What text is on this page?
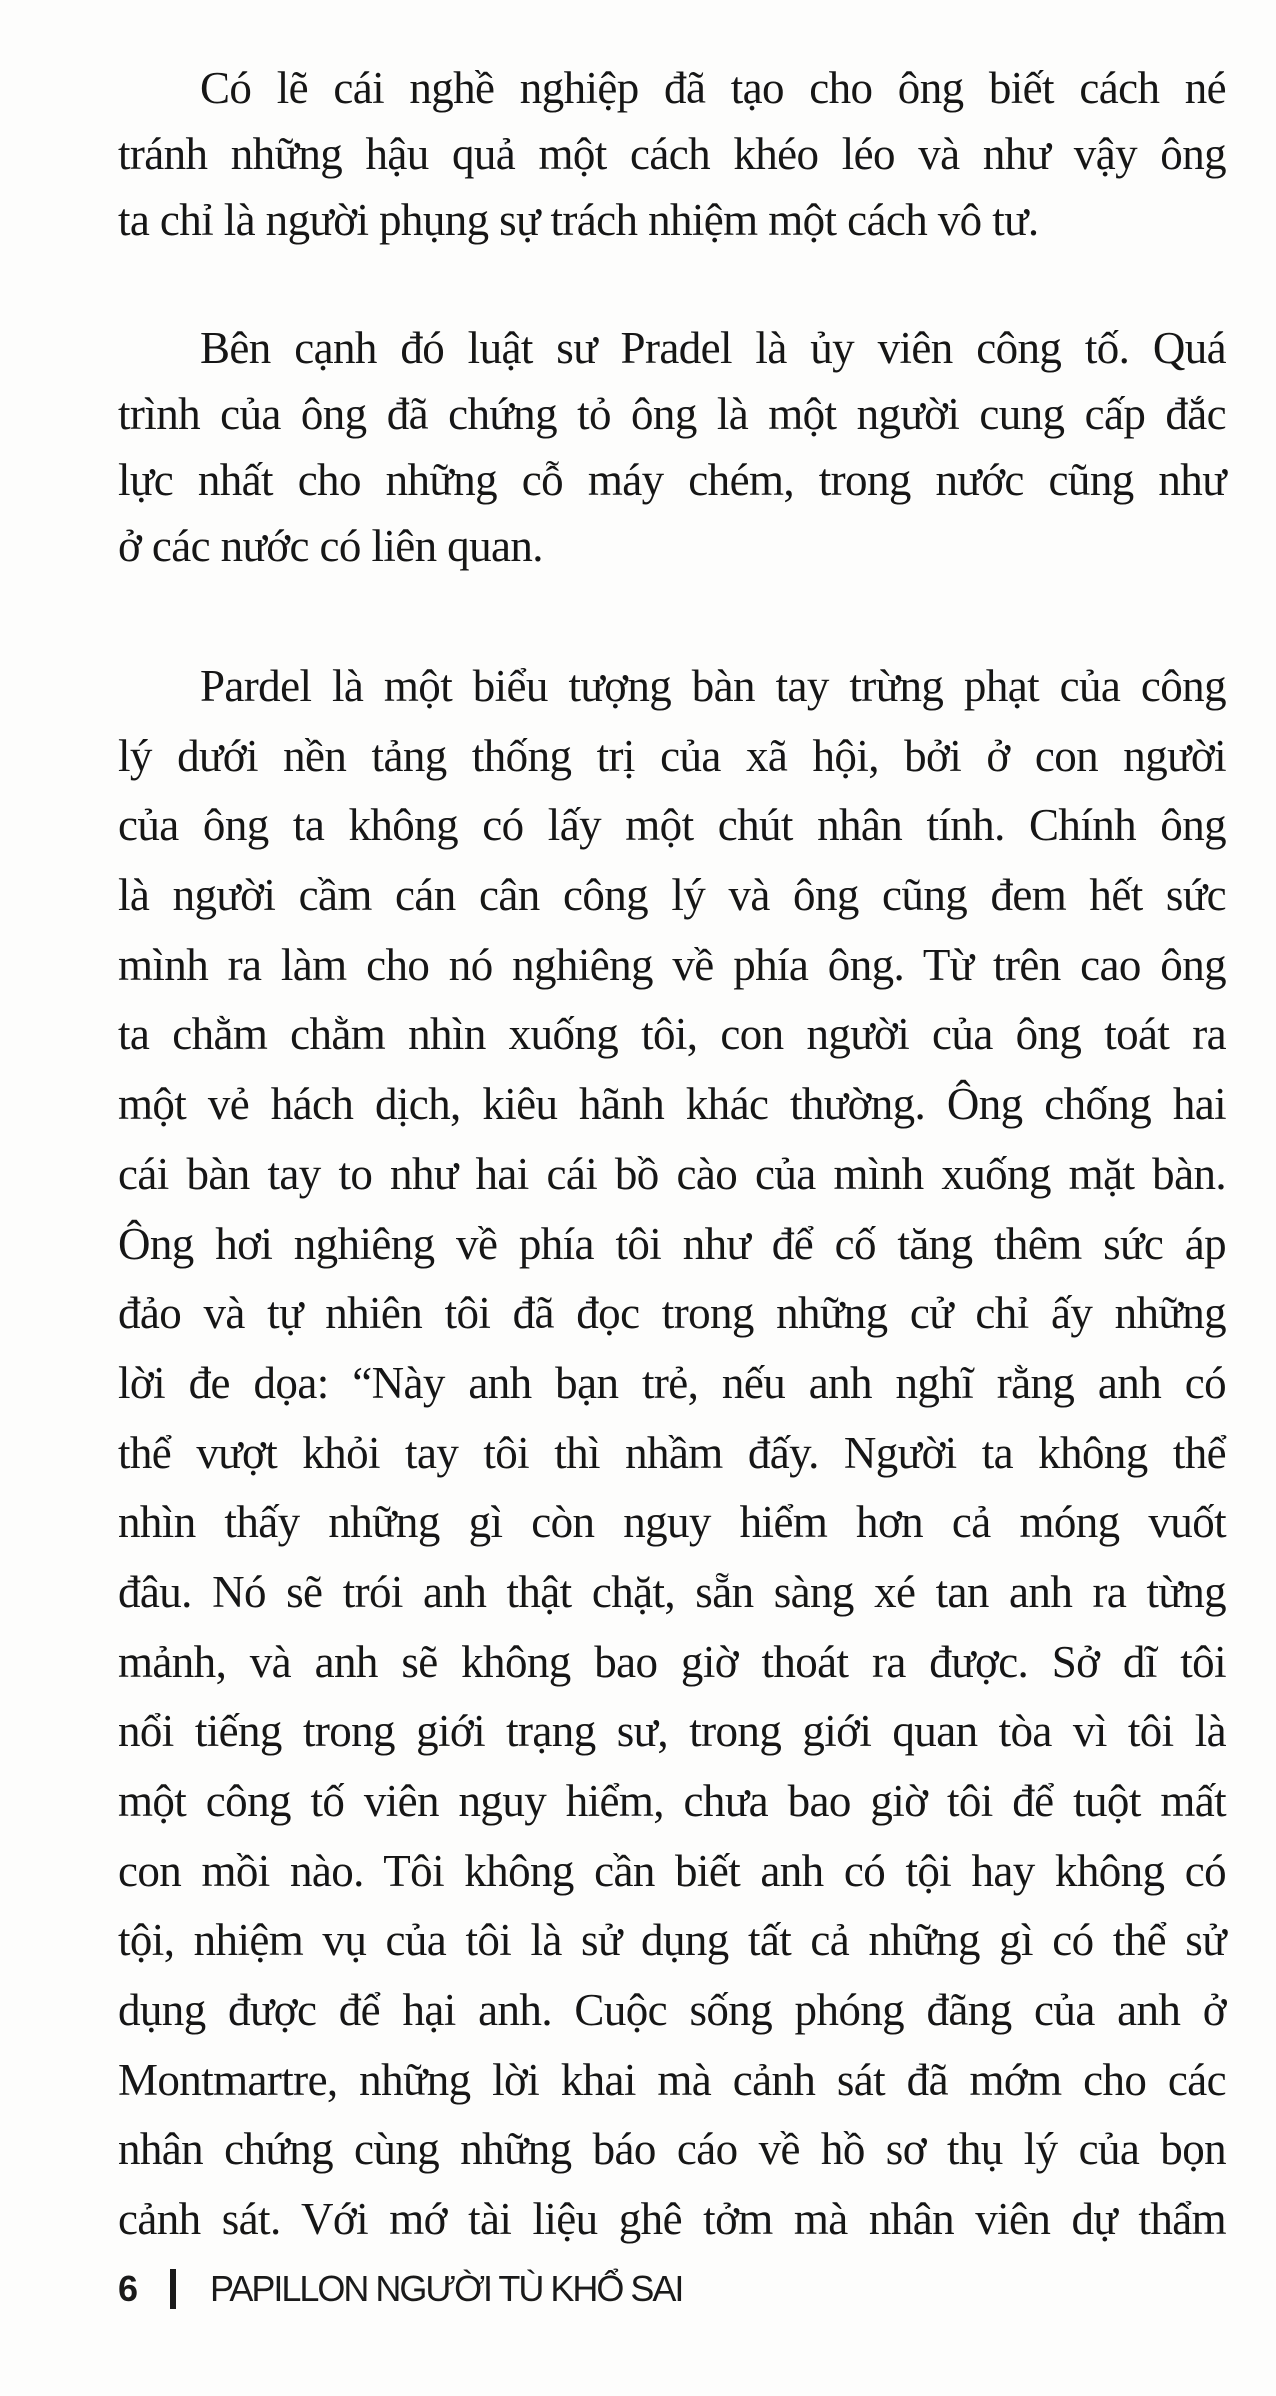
Có lẽ cái nghề nghiệp đã tạo cho ông biết cách né
tránh những hậu quả một cách khéo léo và như vậy ông
ta chỉ là người phụng sự trách nhiệm một cách vô tư.
Bên cạnh đó luật sư Pradel là ủy viên công tố. Quá
trình của ông đã chứng tỏ ông là một người cung cấp đắc
lực nhất cho những cỗ máy chém, trong nước cũng như
ở các nước có liên quan.
Pardel là một biểu tượng bàn tay trừng phạt của công
lý dưới nền tảng thống trị của xã hội, bởi ở con người
của ông ta không có lấy một chút nhân tính. Chính ông
là người cầm cán cân công lý và ông cũng đem hết sức
mình ra làm cho nó nghiêng về phía ông. Từ trên cao ông
ta chằm chằm nhìn xuống tôi, con người của ông toát ra
một vẻ hách dịch, kiêu hãnh khác thường. Ông chống hai
cái bàn tay to như hai cái bồ cào của mình xuống mặt bàn.
Ông hơi nghiêng về phía tôi như để cố tăng thêm sức áp
đảo và tự nhiên tôi đã đọc trong những cử chỉ ấy những
lời đe dọa: “Này anh bạn trẻ, nếu anh nghĩ rằng anh có
thể vượt khỏi tay tôi thì nhầm đấy. Người ta không thể
nhìn thấy những gì còn nguy hiểm hơn cả móng vuốt
đâu. Nó sẽ trói anh thật chặt, sẵn sàng xé tan anh ra từng
mảnh, và anh sẽ không bao giờ thoát ra được. Sở dĩ tôi
nổi tiếng trong giới trạng sư, trong giới quan tòa vì tôi là
một công tố viên nguy hiểm, chưa bao giờ tôi để tuột mất
con mồi nào. Tôi không cần biết anh có tội hay không có
tội, nhiệm vụ của tôi là sử dụng tất cả những gì có thể sử
dụng được để hại anh. Cuộc sống phóng đãng của anh ở
Montmartre, những lời khai mà cảnh sát đã mớm cho các
nhân chứng cùng những báo cáo về hồ sơ thụ lý của bọn
cảnh sát. Với mớ tài liệu ghê tởm mà nhân viên dự thẩm
6	PAPILLON NGƯỜI TÙ KHỔ SAI
